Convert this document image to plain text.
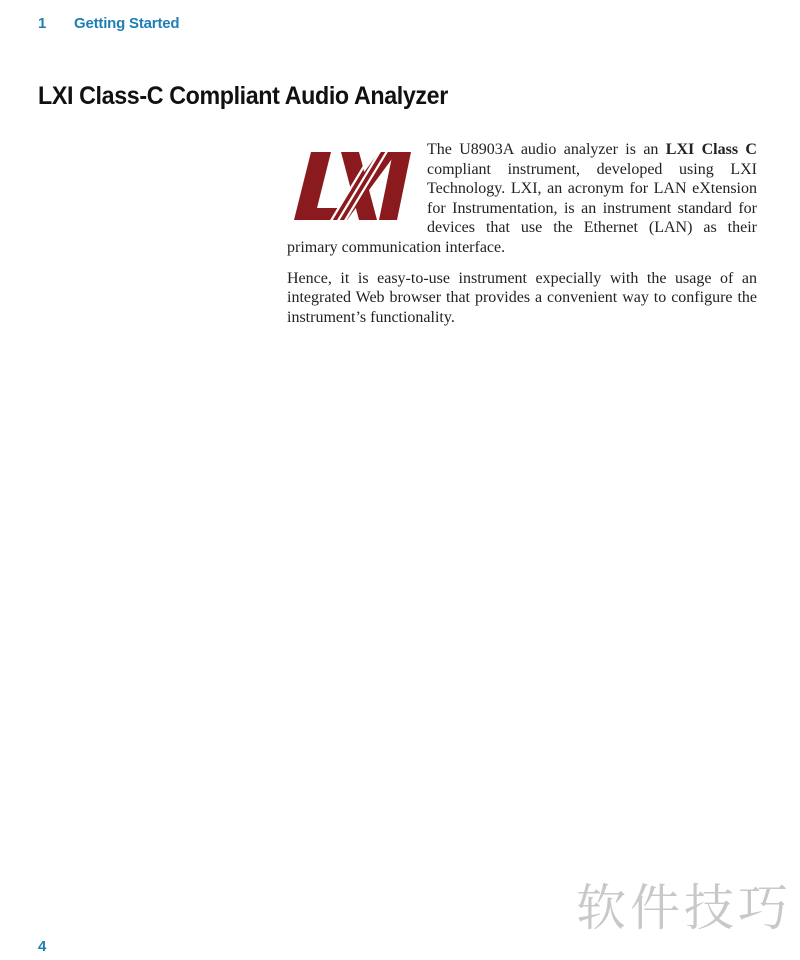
1	Getting Started
LXI Class-C Compliant Audio Analyzer

The U8903A audio analyzer is an LXI Class C compliant instrument, developed using LXI Technology. LXI, an acronym for LAN eXtension for Instrumentation, is an instrument standard for devices that use the Ethernet (LAN) as their primary communication interface.

Hence, it is easy-to-use instrument expecially with the usage of an integrated Web browser that provides a convenient way to configure the instrument’s functionality.

软件技巧
4
